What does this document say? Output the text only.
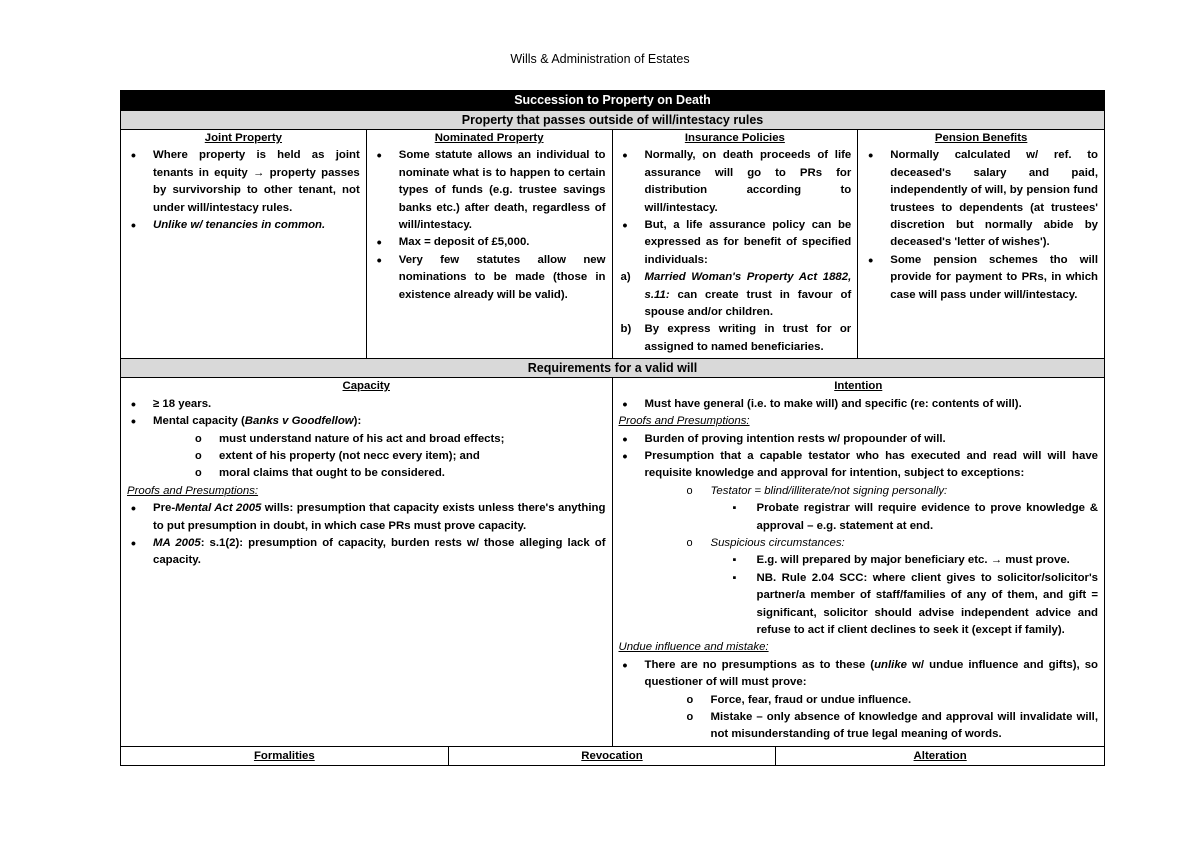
Wills & Administration of Estates
Succession to Property on Death
Property that passes outside of will/intestacy rules
Joint Property

• Where property is held as joint tenants in equity → property passes by survivorship to other tenant, not under will/intestacy rules.

• Unlike w/ tenancies in common.

Nominated Property

• Some statute allows an individual to nominate what is to happen to certain types of funds (e.g. trustee savings banks etc.) after death, regardless of will/intestacy.

• Max = deposit of £5,000.

• Very few statutes allow new nominations to be made (those in existence already will be valid).

Insurance Policies

• Normally, on death proceeds of life assurance will go to PRs for distribution according to will/intestacy.

• But, a life assurance policy can be expressed as for benefit of specified individuals:

a) Married Woman's Property Act 1882, s.11: can create trust in favour of spouse and/or children.

b) By express writing in trust for or assigned to named beneficiaries.

Pension Benefits

• Normally calculated w/ ref. to deceased's salary and paid, independently of will, by pension fund trustees to dependents (at trustees' discretion but normally abide by deceased's 'letter of wishes').

• Some pension schemes tho will provide for payment to PRs, in which case will pass under will/intestacy.

Requirements for a valid will
Capacity

• ≥ 18 years.

• Mental capacity (Banks v Goodfellow):

o must understand nature of his act and broad effects;

o extent of his property (not necc every item); and

o moral claims that ought to be considered.

Proofs and Presumptions:

• Pre-Mental Act 2005 wills: presumption that capacity exists unless there's anything to put presumption in doubt, in which case PRs must prove capacity.

• MA 2005: s.1(2): presumption of capacity, burden rests w/ those alleging lack of capacity.

Intention

• Must have general (i.e. to make will) and specific (re: contents of will).

Proofs and Presumptions:

• Burden of proving intention rests w/ propounder of will.

• Presumption that a capable testator who has executed and read will will have requisite knowledge and approval for intention, subject to exceptions:

o Testator = blind/illiterate/not signing personally:

▪ Probate registrar will require evidence to prove knowledge & approval – e.g. statement at end.

o Suspicious circumstances:

▪ E.g. will prepared by major beneficiary etc. → must prove.

▪ NB. Rule 2.04 SCC: where client gives to solicitor/solicitor's partner/a member of staff/families of any of them, and gift = significant, solicitor should advise independent advice and refuse to act if client declines to seek it (except if family).

Undue influence and mistake:

• There are no presumptions as to these (unlike w/ undue influence and gifts), so questioner of will must prove:

o Force, fear, fraud or undue influence.

o Mistake – only absence of knowledge and approval will invalidate will, not misunderstanding of true legal meaning of words.

Formalities	Revocation	Alteration
